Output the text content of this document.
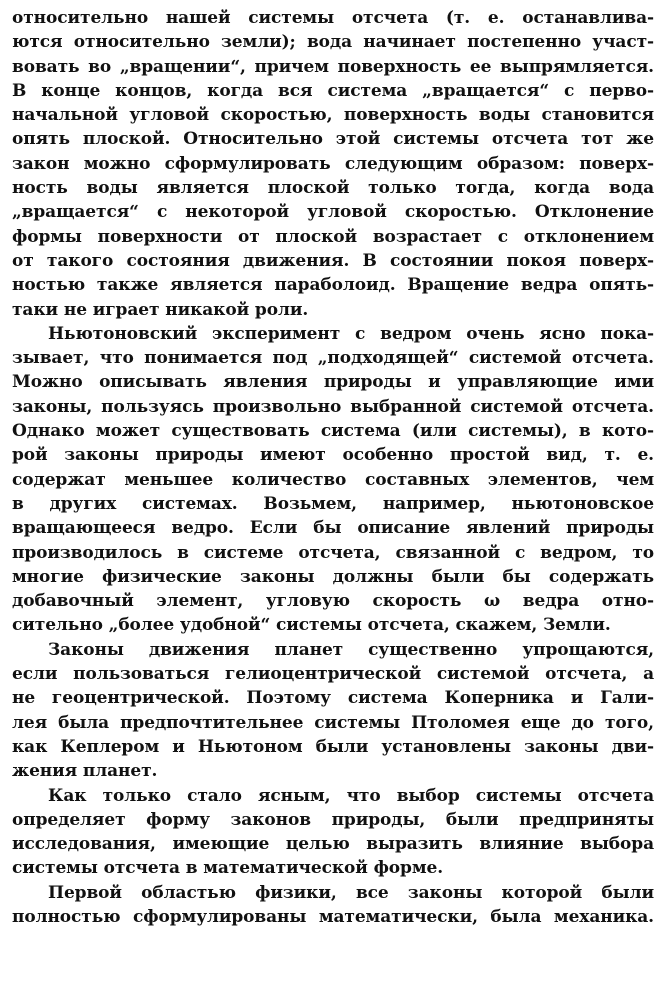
относительно нашей системы отсчета (т. е. останавлива-
ются относительно земли); вода начинает постепенно участ-
вовать во „вращении“, причем поверхность ее выпрямляется.
В конце концов, когда вся система „вращается“ с перво-
начальной угловой скоростью, поверхность воды становится
опять плоской. Относительно этой системы отсчета тот же
закон можно сформулировать следующим образом: поверх-
ность воды является плоской только тогда, когда вода
„вращается“ с некоторой угловой скоростью. Отклонение
формы поверхности от плоской возрастает с отклонением
от такого состояния движения. В состоянии покоя поверх-
ностью также является параболоид. Вращение ведра опять-
таки не играет никакой роли.
Ньютоновский эксперимент с ведром очень ясно пока-
зывает, что понимается под „подходящей“ системой отсчета.
Можно описывать явления природы и управляющие ими
законы, пользуясь произвольно выбранной системой отсчета.
Однако может существовать система (или системы), в кото-
рой законы природы имеют особенно простой вид, т. е.
содержат меньшее количество составных элементов, чем
в других системах. Возьмем, например, ньютоновское
вращающееся ведро. Если бы описание явлений природы
производилось в системе отсчета, связанной с ведром, то
многие физические законы должны были бы содержать
добавочный элемент, угловую скорость ω ведра отно-
сительно „более удобной“ системы отсчета, скажем, Земли.
Законы движения планет существенно упрощаются,
если пользоваться гелиоцентрической системой отсчета, а
не геоцентрической. Поэтому система Коперника и Гали-
лея была предпочтительнее системы Птоломея еще до того,
как Кеплером и Ньютоном были установлены законы дви-
жения планет.
Как только стало ясным, что выбор системы отсчета
определяет форму законов природы, были предприняты
исследования, имеющие целью выразить влияние выбора
системы отсчета в математической форме.
Первой областью физики, все законы которой были
полностью сформулированы математически, была механика.
